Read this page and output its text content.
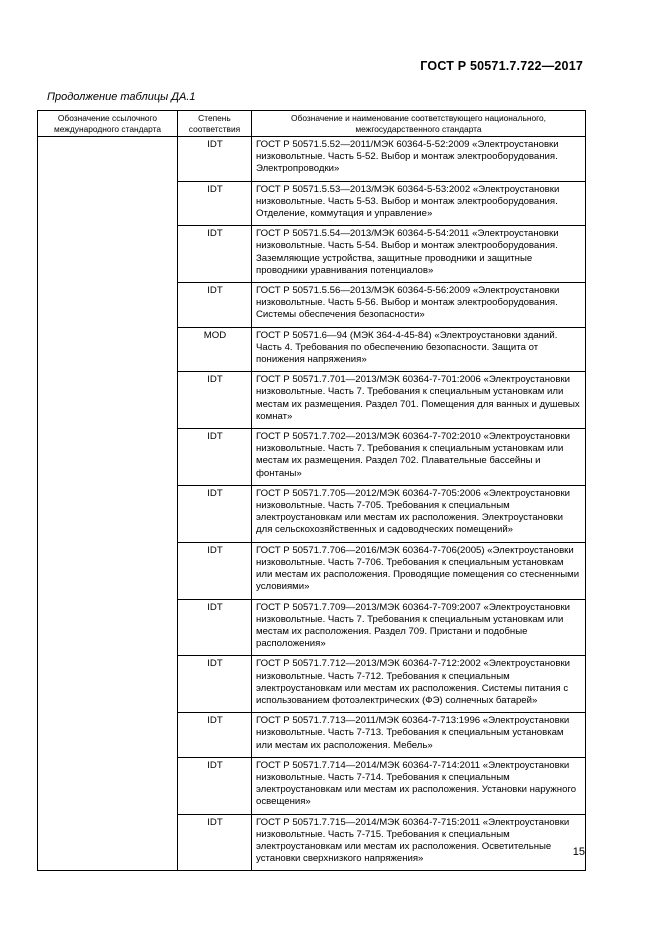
ГОСТ Р 50571.7.722—2017
Продолжение таблицы ДА.1
Обозначение ссылочного международного стандарта	Степень соответствия	Обозначение и наименование соответствующего национального, межгосударственного стандарта
	IDT	ГОСТ Р 50571.5.52—2011/МЭК 60364-5-52:2009 «Электроустановки низковольтные. Часть 5-52. Выбор и монтаж электрооборудования. Электропроводки»
	IDT	ГОСТ Р 50571.5.53—2013/МЭК 60364-5-53:2002 «Электроустановки низковольтные. Часть 5-53. Выбор и монтаж электрооборудования. Отделение, коммутация и управление»
	IDT	ГОСТ Р 50571.5.54—2013/МЭК 60364-5-54:2011 «Электроустановки низковольтные. Часть 5-54. Выбор и монтаж электрооборудования. Заземляющие устройства, защитные проводники и защитные проводники уравнивания потенциалов»
	IDT	ГОСТ Р 50571.5.56—2013/МЭК 60364-5-56:2009 «Электроустановки низковольтные. Часть 5-56. Выбор и монтаж электрооборудования. Системы обеспечения безопасности»
	MOD	ГОСТ Р 50571.6—94 (МЭК 364-4-45-84) «Электроустановки зданий. Часть 4. Требования по обеспечению безопасности. Защита от понижения напряжения»
	IDT	ГОСТ Р 50571.7.701—2013/МЭК 60364-7-701:2006 «Электроустановки низковольтные. Часть 7. Требования к специальным установкам или местам их размещения. Раздел 701. Помещения для ванных и душевых комнат»
	IDT	ГОСТ Р 50571.7.702—2013/МЭК 60364-7-702:2010 «Электроустановки низковольтные. Часть 7. Требования к специальным установкам или местам их размещения. Раздел 702. Плавательные бассейны и фонтаны»
	IDT	ГОСТ Р 50571.7.705—2012/МЭК 60364-7-705:2006 «Электроустановки низковольтные. Часть 7-705. Требования к специальным электроустановкам или местам их расположения. Электроустановки для сельскохозяйственных и садоводческих помещений»
	IDT	ГОСТ Р 50571.7.706—2016/МЭК 60364-7-706(2005) «Электроустановки низковольтные. Часть 7-706. Требования к специальным установкам или местам их расположения. Проводящие помещения со стесненными условиями»
	IDT	ГОСТ Р 50571.7.709—2013/МЭК 60364-7-709:2007 «Электроустановки низковольтные. Часть 7. Требования к специальным установкам или местам их расположения. Раздел 709. Пристани и подобные расположения»
	IDT	ГОСТ Р 50571.7.712—2013/МЭК 60364-7-712:2002 «Электроустановки низковольтные. Часть 7-712. Требования к специальным электроустановкам или местам их расположения. Системы питания с использованием фотоэлектрических (ФЭ) солнечных батарей»
	IDT	ГОСТ Р 50571.7.713—2011/МЭК 60364-7-713:1996 «Электроустановки низковольтные. Часть 7-713. Требования к специальным установкам или местам их расположения. Мебель»
	IDT	ГОСТ Р 50571.7.714—2014/МЭК 60364-7-714:2011 «Электроустановки низковольтные. Часть 7-714. Требования к специальным электроустановкам или местам их расположения. Установки наружного освещения»
	IDT	ГОСТ Р 50571.7.715—2014/МЭК 60364-7-715:2011 «Электроустановки низковольтные. Часть 7-715. Требования к специальным электроустановкам или местам их расположения. Осветительные установки сверхнизкого напряжения»
15
